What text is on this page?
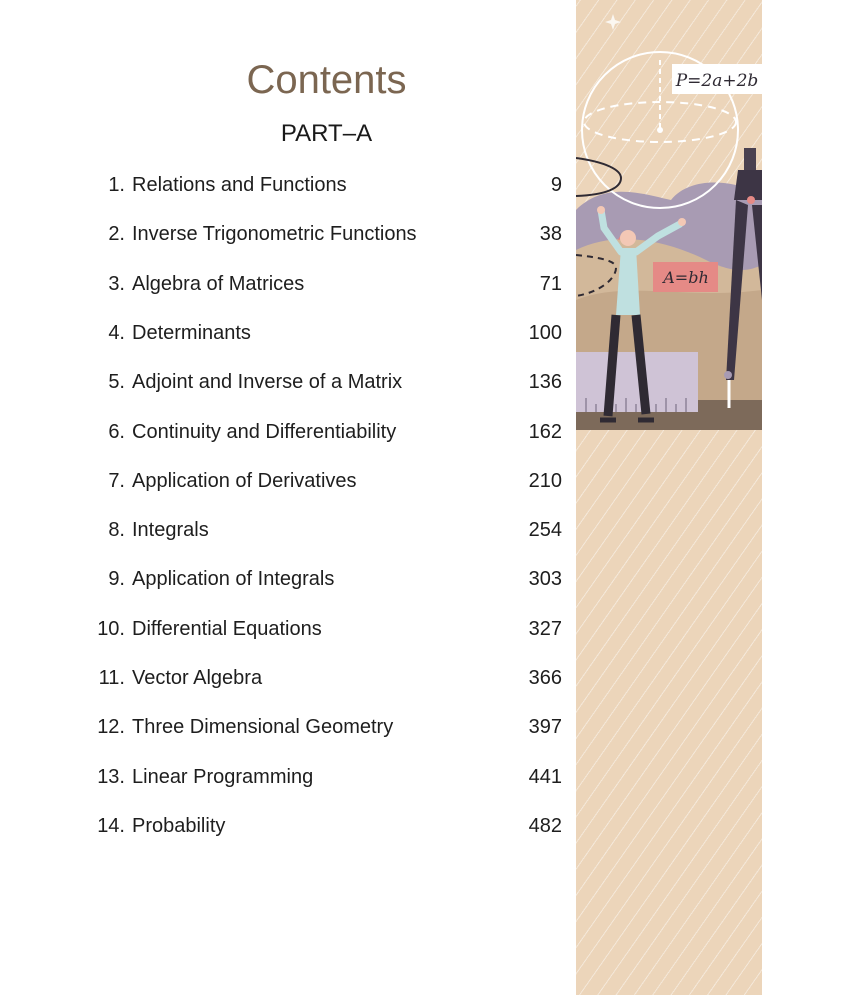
Contents
PART–A
1. Relations and Functions	9
2. Inverse Trigonometric Functions	38
3. Algebra of Matrices	71
4. Determinants	100
5. Adjoint and Inverse of a Matrix	136
6. Continuity and Differentiability	162
7. Application of Derivatives	210
8. Integrals	254
9. Application of Integrals	303
10. Differential Equations	327
11. Vector Algebra	366
12. Three Dimensional Geometry	397
13. Linear Programming	441
14. Probability	482
P=2a+2b
A=bh
